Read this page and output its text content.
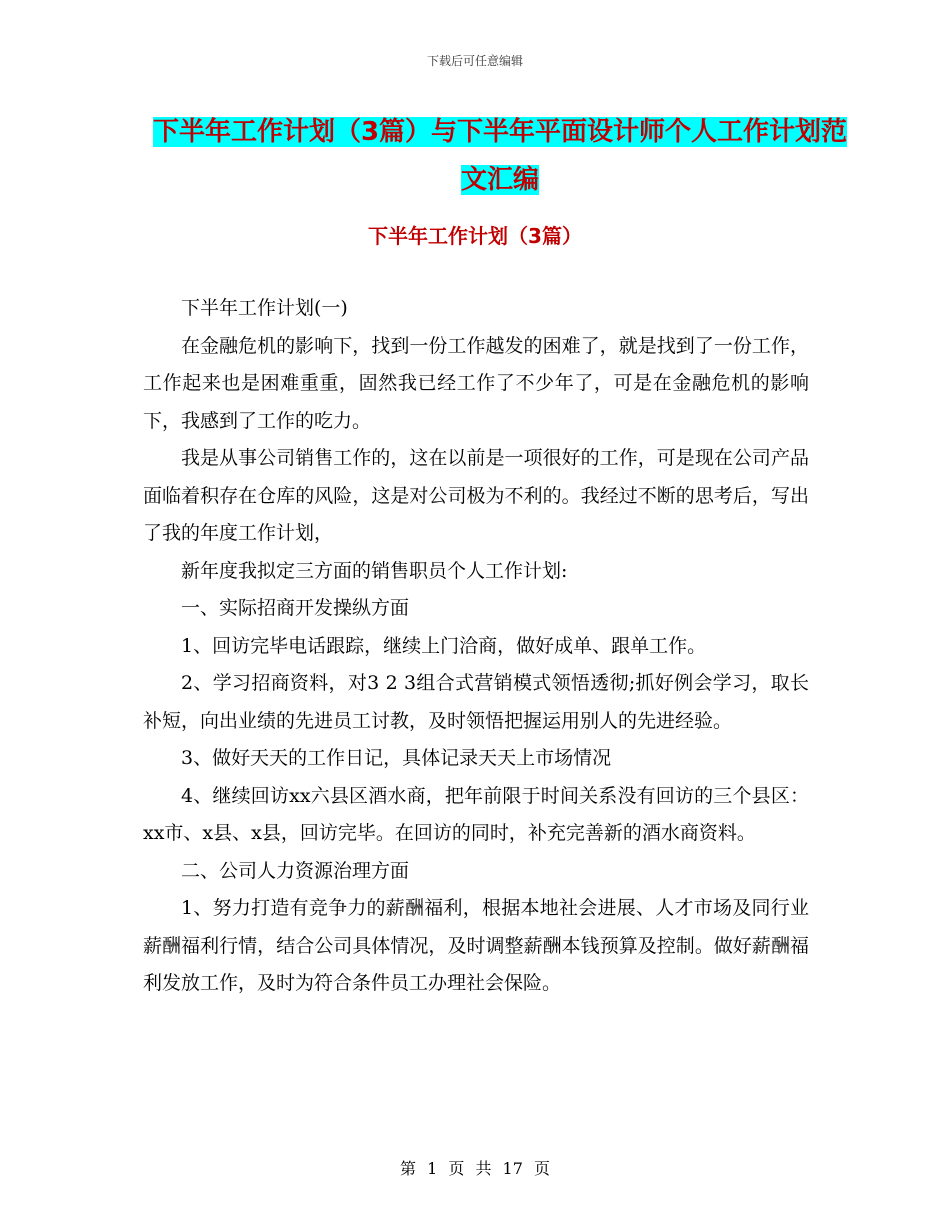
下载后可任意编辑
下半年工作计划（3篇）与下半年平面设计师个人工作计划范文汇编
下半年工作计划（3篇）

下半年工作计划(一)

在金融危机的影响下，找到一份工作越发的困难了，就是找到了一份工作，工作起来也是困难重重，固然我已经工作了不少年了，可是在金融危机的影响下，我感到了工作的吃力。

我是从事公司销售工作的，这在以前是一项很好的工作，可是现在公司产品面临着积存在仓库的风险，这是对公司极为不利的。我经过不断的思考后，写出了我的年度工作计划，

新年度我拟定三方面的销售职员个人工作计划:

一、实际招商开发操纵方面

1、回访完毕电话跟踪，继续上门洽商，做好成单、跟单工作。

2、学习招商资料，对3 2 3组合式营销模式领悟透彻;抓好例会学习，取长补短，向出业绩的先进员工讨教，及时领悟把握运用别人的先进经验。

3、做好天天的工作日记，具体记录天天上市场情况

4、继续回访xx六县区酒水商，把年前限于时间关系没有回访的三个县区：xx市、x县、x县，回访完毕。在回访的同时，补充完善新的酒水商资料。

二、公司人力资源治理方面

1、努力打造有竞争力的薪酬福利，根据本地社会进展、人才市场及同行业薪酬福利行情，结合公司具体情况，及时调整薪酬本钱预算及控制。做好薪酬福利发放工作，及时为符合条件员工办理社会保险。

第 1 页 共 17 页
